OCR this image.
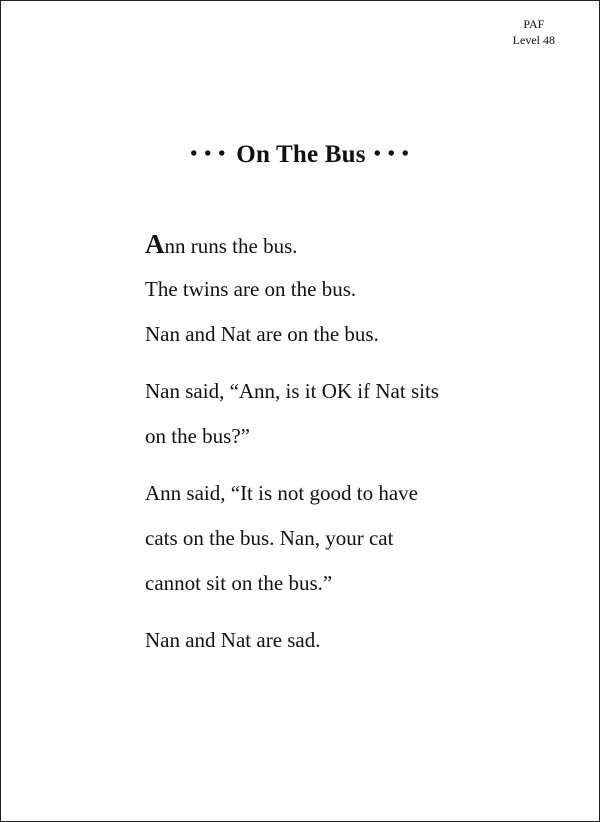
PAF
Level 48
• • • On The Bus • • •
Ann runs the bus.
The twins are on the bus.
Nan and Nat are on the bus.
Nan said, “Ann, is it OK if Nat sits
on the bus?”
Ann said, “It is not good to have
cats on the bus. Nan, your cat
cannot sit on the bus.”
Nan and Nat are sad.
